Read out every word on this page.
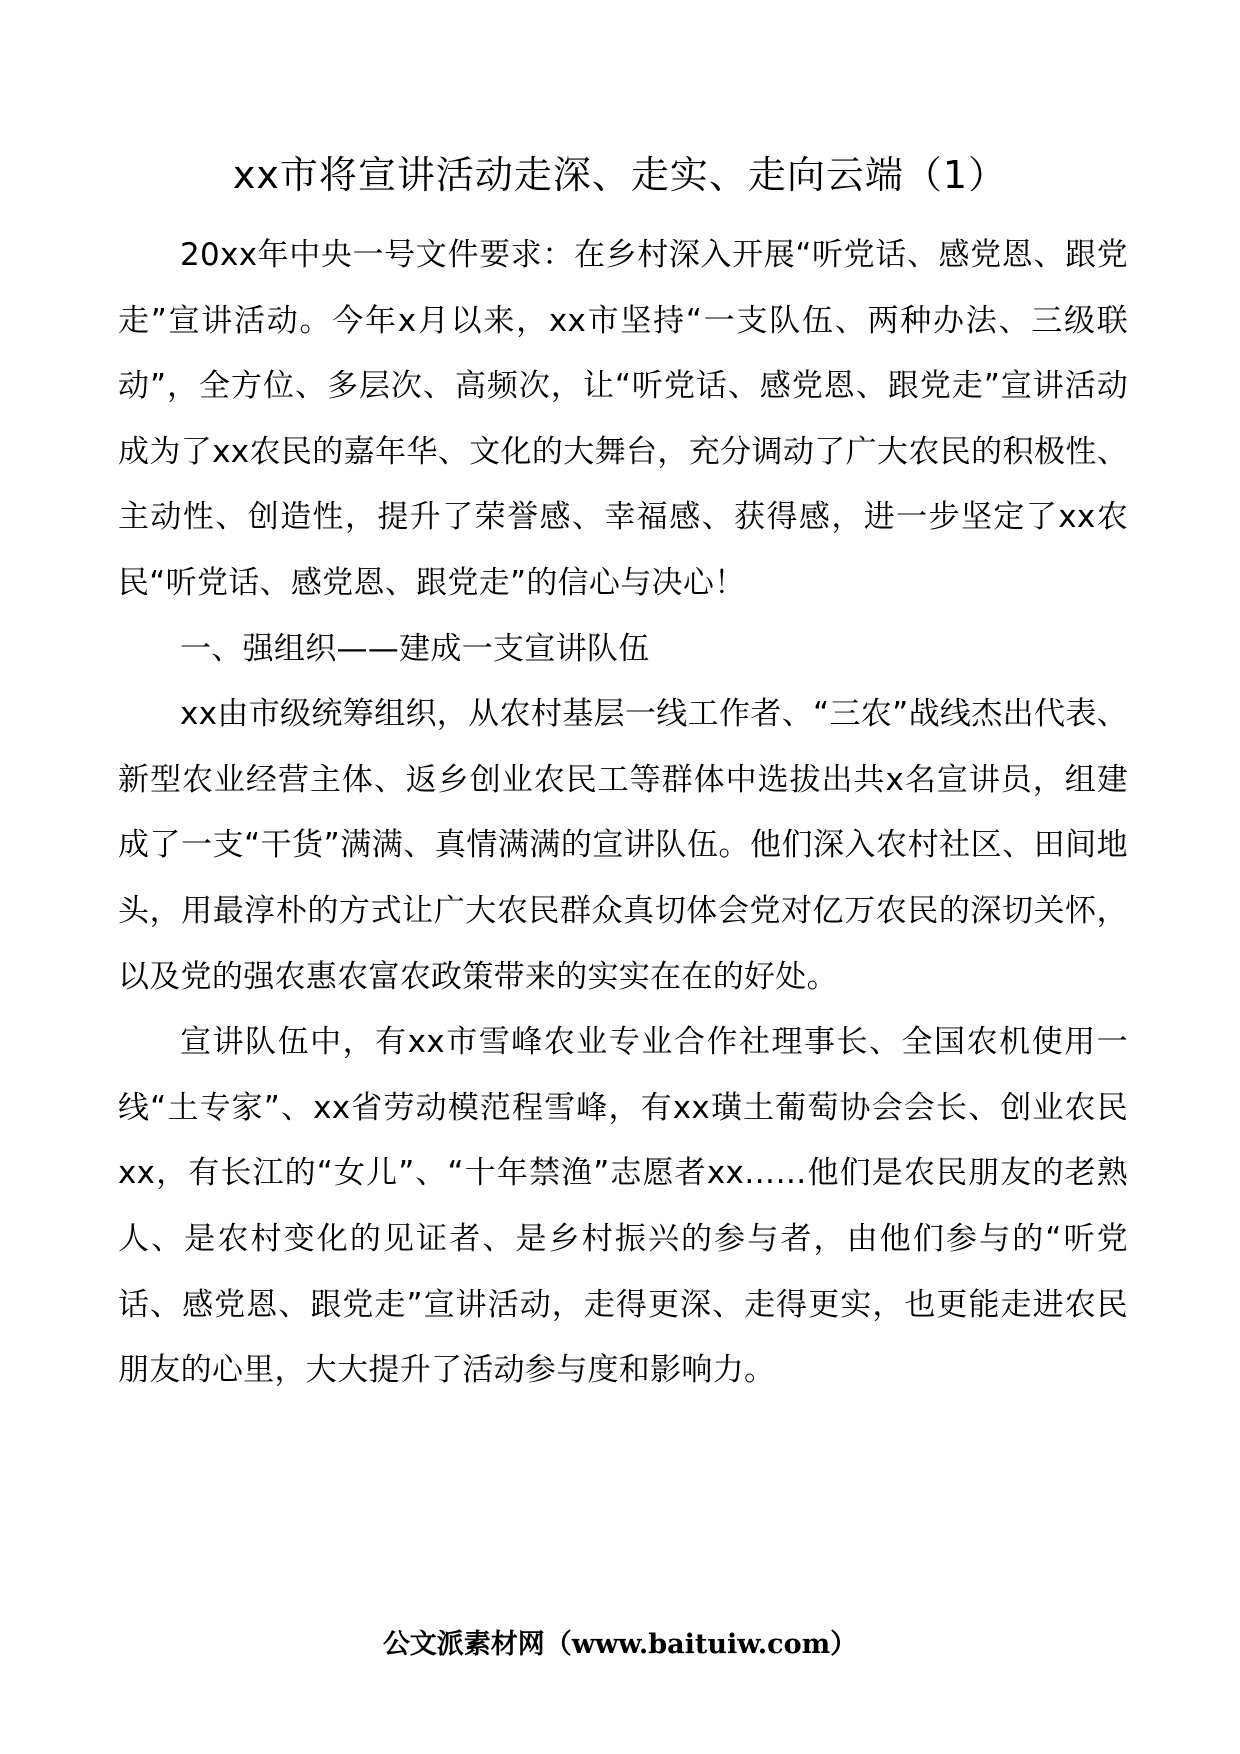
xx市将宣讲活动走深、走实、走向云端（1）

20xx年中央一号文件要求：在乡村深入开展“听党话、感党恩、跟党走”宣讲活动。今年x月以来，xx市坚持“一支队伍、两种办法、三级联动”，全方位、多层次、高频次，让“听党话、感党恩、跟党走”宣讲活动成为了xx农民的嘉年华、文化的大舞台，充分调动了广大农民的积极性、主动性、创造性，提升了荣誉感、幸福感、获得感，进一步坚定了xx农民“听党话、感党恩、跟党走”的信心与决心！

一、强组织——建成一支宣讲队伍

xx由市级统筹组织，从农村基层一线工作者、“三农”战线杰出代表、新型农业经营主体、返乡创业农民工等群体中选拔出共x名宣讲员，组建成了一支“干货”满满、真情满满的宣讲队伍。他们深入农村社区、田间地头，用最淳朴的方式让广大农民群众真切体会党对亿万农民的深切关怀，以及党的强农惠农富农政策带来的实实在在的好处。

宣讲队伍中，有xx市雪峰农业专业合作社理事长、全国农机使用一线“土专家”、xx省劳动模范程雪峰，有xx璜土葡萄协会会长、创业农民xx，有长江的“女儿”、“十年禁渔”志愿者xx……他们是农民朋友的老熟人、是农村变化的见证者、是乡村振兴的参与者，由他们参与的“听党话、感党恩、跟党走”宣讲活动，走得更深、走得更实，也更能走进农民朋友的心里，大大提升了活动参与度和影响力。

公文派素材网（www.baituiw.com）
